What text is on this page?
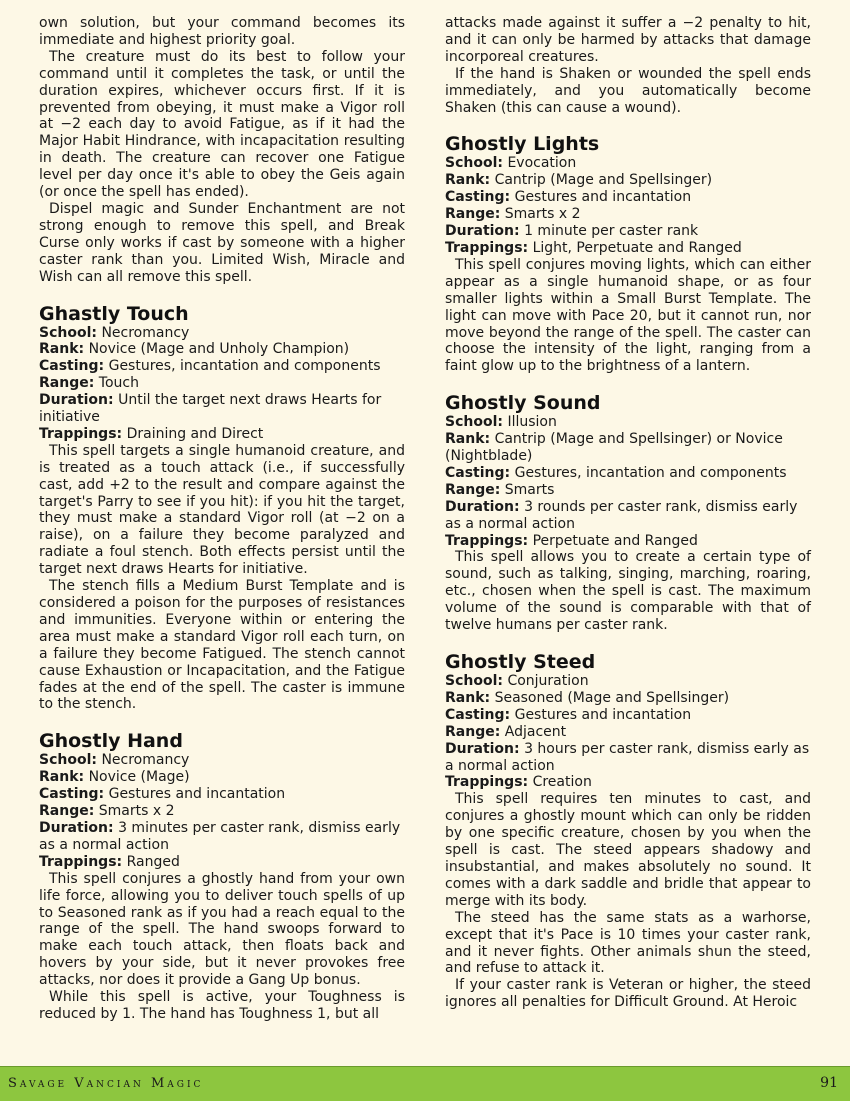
own solution, but your command becomes its immediate and highest priority goal.

The creature must do its best to follow your command until it completes the task, or until the duration expires, whichever occurs first. If it is prevented from obeying, it must make a Vigor roll at −2 each day to avoid Fatigue, as if it had the Major Habit Hindrance, with incapacitation resulting in death. The creature can recover one Fatigue level per day once it's able to obey the Geis again (or once the spell has ended).

Dispel magic and Sunder Enchantment are not strong enough to remove this spell, and Break Curse only works if cast by someone with a higher caster rank than you. Limited Wish, Miracle and Wish can all remove this spell.

Ghastly Touch
School: Necromancy
Rank: Novice (Mage and Unholy Champion)
Casting: Gestures, incantation and components
Range: Touch
Duration: Until the target next draws Hearts for initiative
Trappings: Draining and Direct

This spell targets a single humanoid creature, and is treated as a touch attack (i.e., if successfully cast, add +2 to the result and compare against the target's Parry to see if you hit): if you hit the target, they must make a standard Vigor roll (at −2 on a raise), on a failure they become paralyzed and radiate a foul stench. Both effects persist until the target next draws Hearts for initiative.

The stench fills a Medium Burst Template and is considered a poison for the purposes of resistances and immunities. Everyone within or entering the area must make a standard Vigor roll each turn, on a failure they become Fatigued. The stench cannot cause Exhaustion or Incapacitation, and the Fatigue fades at the end of the spell. The caster is immune to the stench.

Ghostly Hand
School: Necromancy
Rank: Novice (Mage)
Casting: Gestures and incantation
Range: Smarts x 2
Duration: 3 minutes per caster rank, dismiss early as a normal action
Trappings: Ranged

This spell conjures a ghostly hand from your own life force, allowing you to deliver touch spells of up to Seasoned rank as if you had a reach equal to the range of the spell. The hand swoops forward to make each touch attack, then floats back and hovers by your side, but it never provokes free attacks, nor does it provide a Gang Up bonus.

While this spell is active, your Toughness is reduced by 1. The hand has Toughness 1, but all

attacks made against it suffer a −2 penalty to hit, and it can only be harmed by attacks that damage incorporeal creatures.

If the hand is Shaken or wounded the spell ends immediately, and you automatically become Shaken (this can cause a wound).

Ghostly Lights
School: Evocation
Rank: Cantrip (Mage and Spellsinger)
Casting: Gestures and incantation
Range: Smarts x 2
Duration: 1 minute per caster rank
Trappings: Light, Perpetuate and Ranged

This spell conjures moving lights, which can either appear as a single humanoid shape, or as four smaller lights within a Small Burst Template. The light can move with Pace 20, but it cannot run, nor move beyond the range of the spell. The caster can choose the intensity of the light, ranging from a faint glow up to the brightness of a lantern.

Ghostly Sound
School: Illusion
Rank: Cantrip (Mage and Spellsinger) or Novice (Nightblade)
Casting: Gestures, incantation and components
Range: Smarts
Duration: 3 rounds per caster rank, dismiss early as a normal action
Trappings: Perpetuate and Ranged

This spell allows you to create a certain type of sound, such as talking, singing, marching, roaring, etc., chosen when the spell is cast. The maximum volume of the sound is comparable with that of twelve humans per caster rank.

Ghostly Steed
School: Conjuration
Rank: Seasoned (Mage and Spellsinger)
Casting: Gestures and incantation
Range: Adjacent
Duration: 3 hours per caster rank, dismiss early as a normal action
Trappings: Creation

This spell requires ten minutes to cast, and conjures a ghostly mount which can only be ridden by one specific creature, chosen by you when the spell is cast. The steed appears shadowy and insubstantial, and makes absolutely no sound. It comes with a dark saddle and bridle that appear to merge with its body.

The steed has the same stats as a warhorse, except that it's Pace is 10 times your caster rank, and it never fights. Other animals shun the steed, and refuse to attack it.

If your caster rank is Veteran or higher, the steed ignores all penalties for Difficult Ground. At Heroic

Savage Vancian Magic	91
